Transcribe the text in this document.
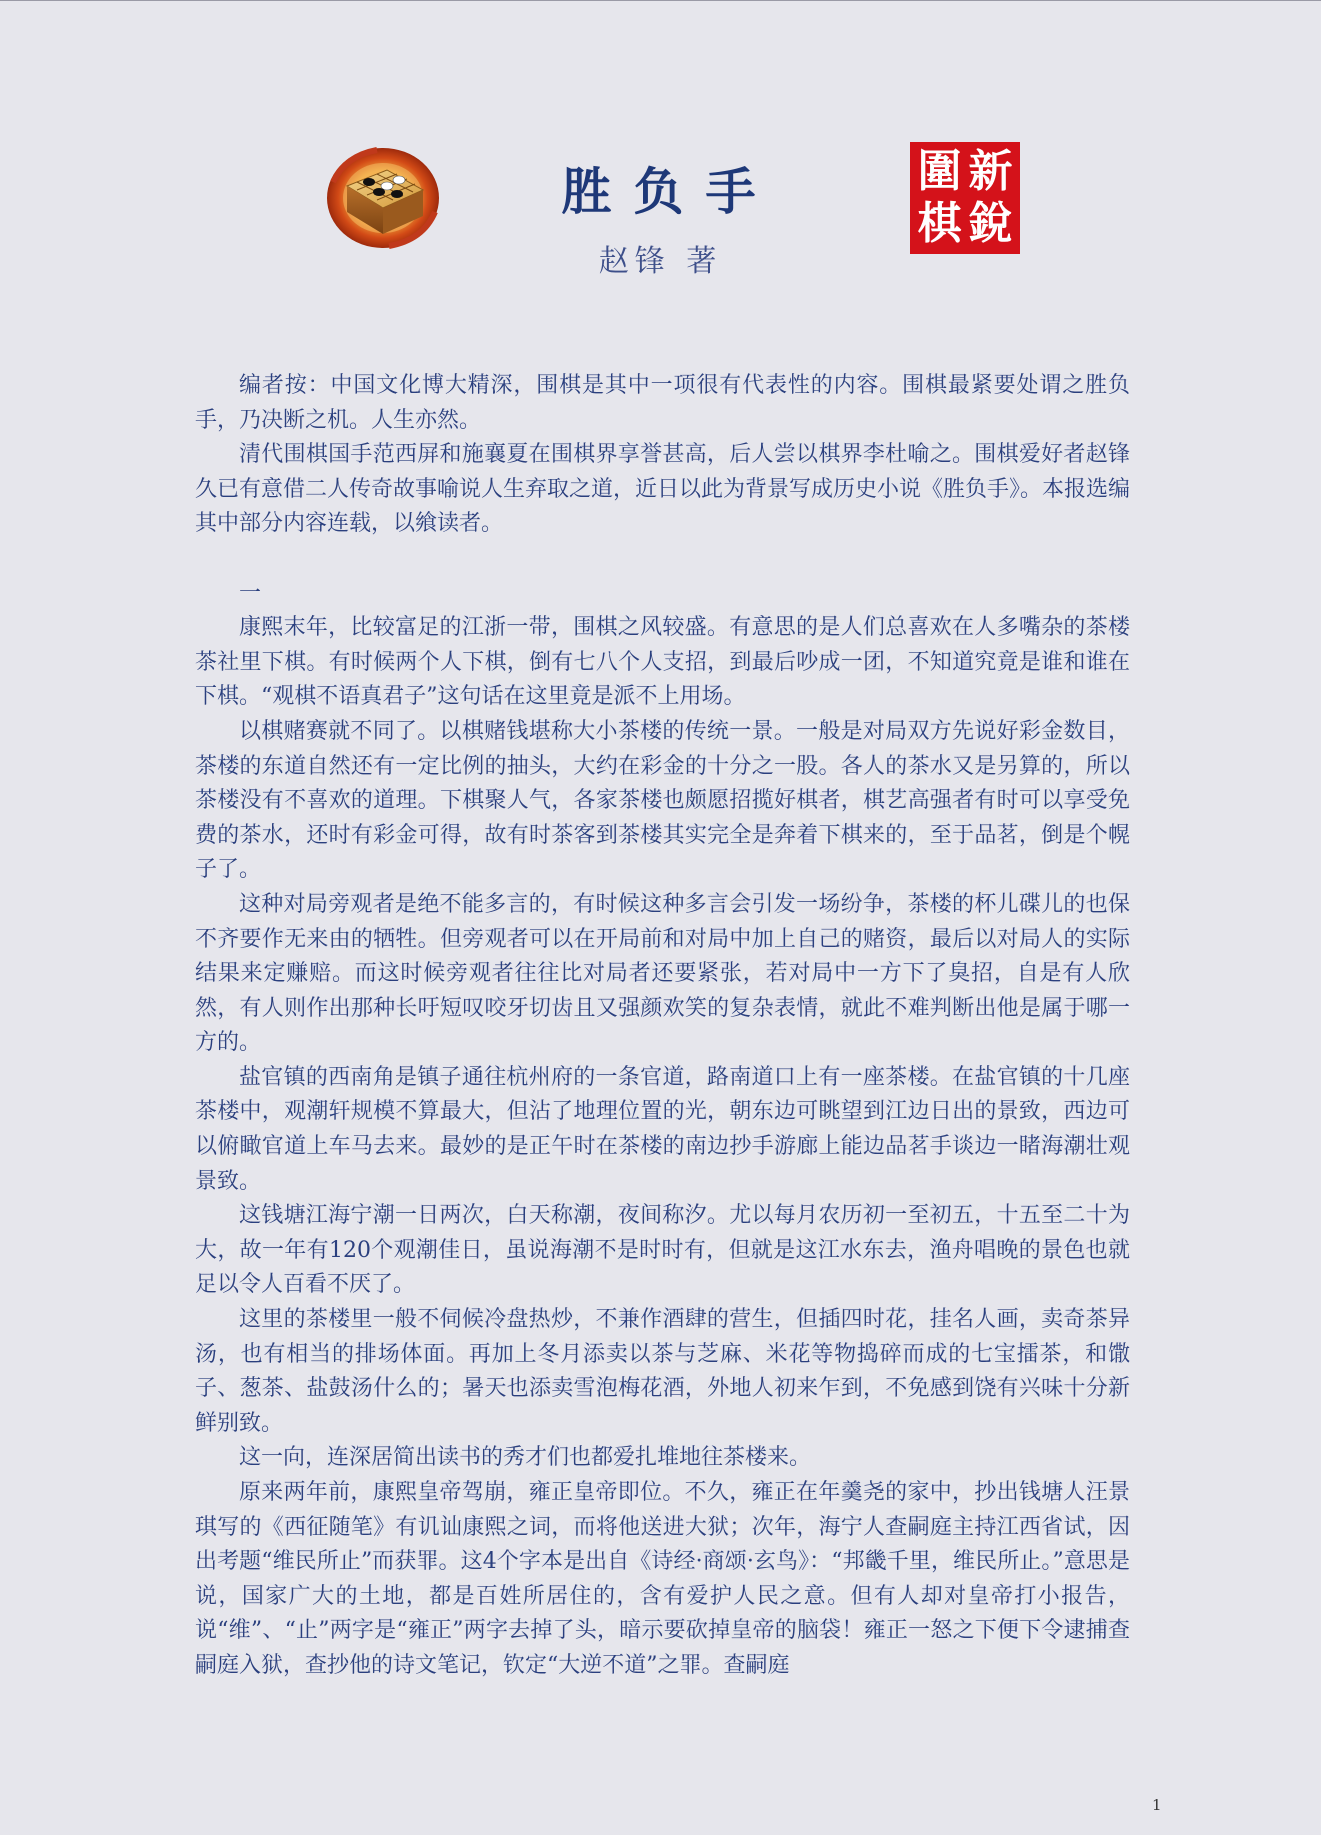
胜负手
赵锋 著
圍 新
棋 銳

编者按：中国文化博大精深，围棋是其中一项很有代表性的内容。围棋最紧要处谓之胜负手，乃决断之机。人生亦然。

清代围棋国手范西屏和施襄夏在围棋界享誉甚高，后人尝以棋界李杜喻之。围棋爱好者赵锋久已有意借二人传奇故事喻说人生弃取之道，近日以此为背景写成历史小说《胜负手》。本报选编其中部分内容连载，以飨读者。

一

康熙末年，比较富足的江浙一带，围棋之风较盛。有意思的是人们总喜欢在人多嘴杂的茶楼茶社里下棋。有时候两个人下棋，倒有七八个人支招，到最后吵成一团，不知道究竟是谁和谁在下棋。“观棋不语真君子”这句话在这里竟是派不上用场。

以棋赌赛就不同了。以棋赌钱堪称大小茶楼的传统一景。一般是对局双方先说好彩金数目，茶楼的东道自然还有一定比例的抽头，大约在彩金的十分之一股。各人的茶水又是另算的，所以茶楼没有不喜欢的道理。下棋聚人气，各家茶楼也颇愿招揽好棋者，棋艺高强者有时可以享受免费的茶水，还时有彩金可得，故有时茶客到茶楼其实完全是奔着下棋来的，至于品茗，倒是个幌子了。

这种对局旁观者是绝不能多言的，有时候这种多言会引发一场纷争，茶楼的杯儿碟儿的也保不齐要作无来由的牺牲。但旁观者可以在开局前和对局中加上自己的赌资，最后以对局人的实际结果来定赚赔。而这时候旁观者往往比对局者还要紧张，若对局中一方下了臭招，自是有人欣然，有人则作出那种长吁短叹咬牙切齿且又强颜欢笑的复杂表情，就此不难判断出他是属于哪一方的。

盐官镇的西南角是镇子通往杭州府的一条官道，路南道口上有一座茶楼。在盐官镇的十几座茶楼中，观潮轩规模不算最大，但沾了地理位置的光，朝东边可眺望到江边日出的景致，西边可以俯瞰官道上车马去来。最妙的是正午时在茶楼的南边抄手游廊上能边品茗手谈边一睹海潮壮观景致。

这钱塘江海宁潮一日两次，白天称潮，夜间称汐。尤以每月农历初一至初五，十五至二十为大，故一年有120个观潮佳日，虽说海潮不是时时有，但就是这江水东去，渔舟唱晚的景色也就足以令人百看不厌了。

这里的茶楼里一般不伺候冷盘热炒，不兼作酒肆的营生，但插四时花，挂名人画，卖奇茶异汤，也有相当的排场体面。再加上冬月添卖以茶与芝麻、米花等物捣碎而成的七宝擂茶，和馓子、葱茶、盐鼓汤什么的；暑天也添卖雪泡梅花酒，外地人初来乍到，不免感到饶有兴味十分新鲜别致。

这一向，连深居简出读书的秀才们也都爱扎堆地往茶楼来。

原来两年前，康熙皇帝驾崩，雍正皇帝即位。不久，雍正在年羹尧的家中，抄出钱塘人汪景琪写的《西征随笔》有讥讪康熙之词，而将他送进大狱；次年，海宁人查嗣庭主持江西省试，因出考题“维民所止”而获罪。这4个字本是出自《诗经·商颂·玄鸟》：“邦畿千里，维民所止。”意思是说，国家广大的土地，都是百姓所居住的，含有爱护人民之意。但有人却对皇帝打小报告，说“维”、“止”两字是“雍正”两字去掉了头，暗示要砍掉皇帝的脑袋！雍正一怒之下便下令逮捕查嗣庭入狱，查抄他的诗文笔记，钦定“大逆不道”之罪。查嗣庭

1
